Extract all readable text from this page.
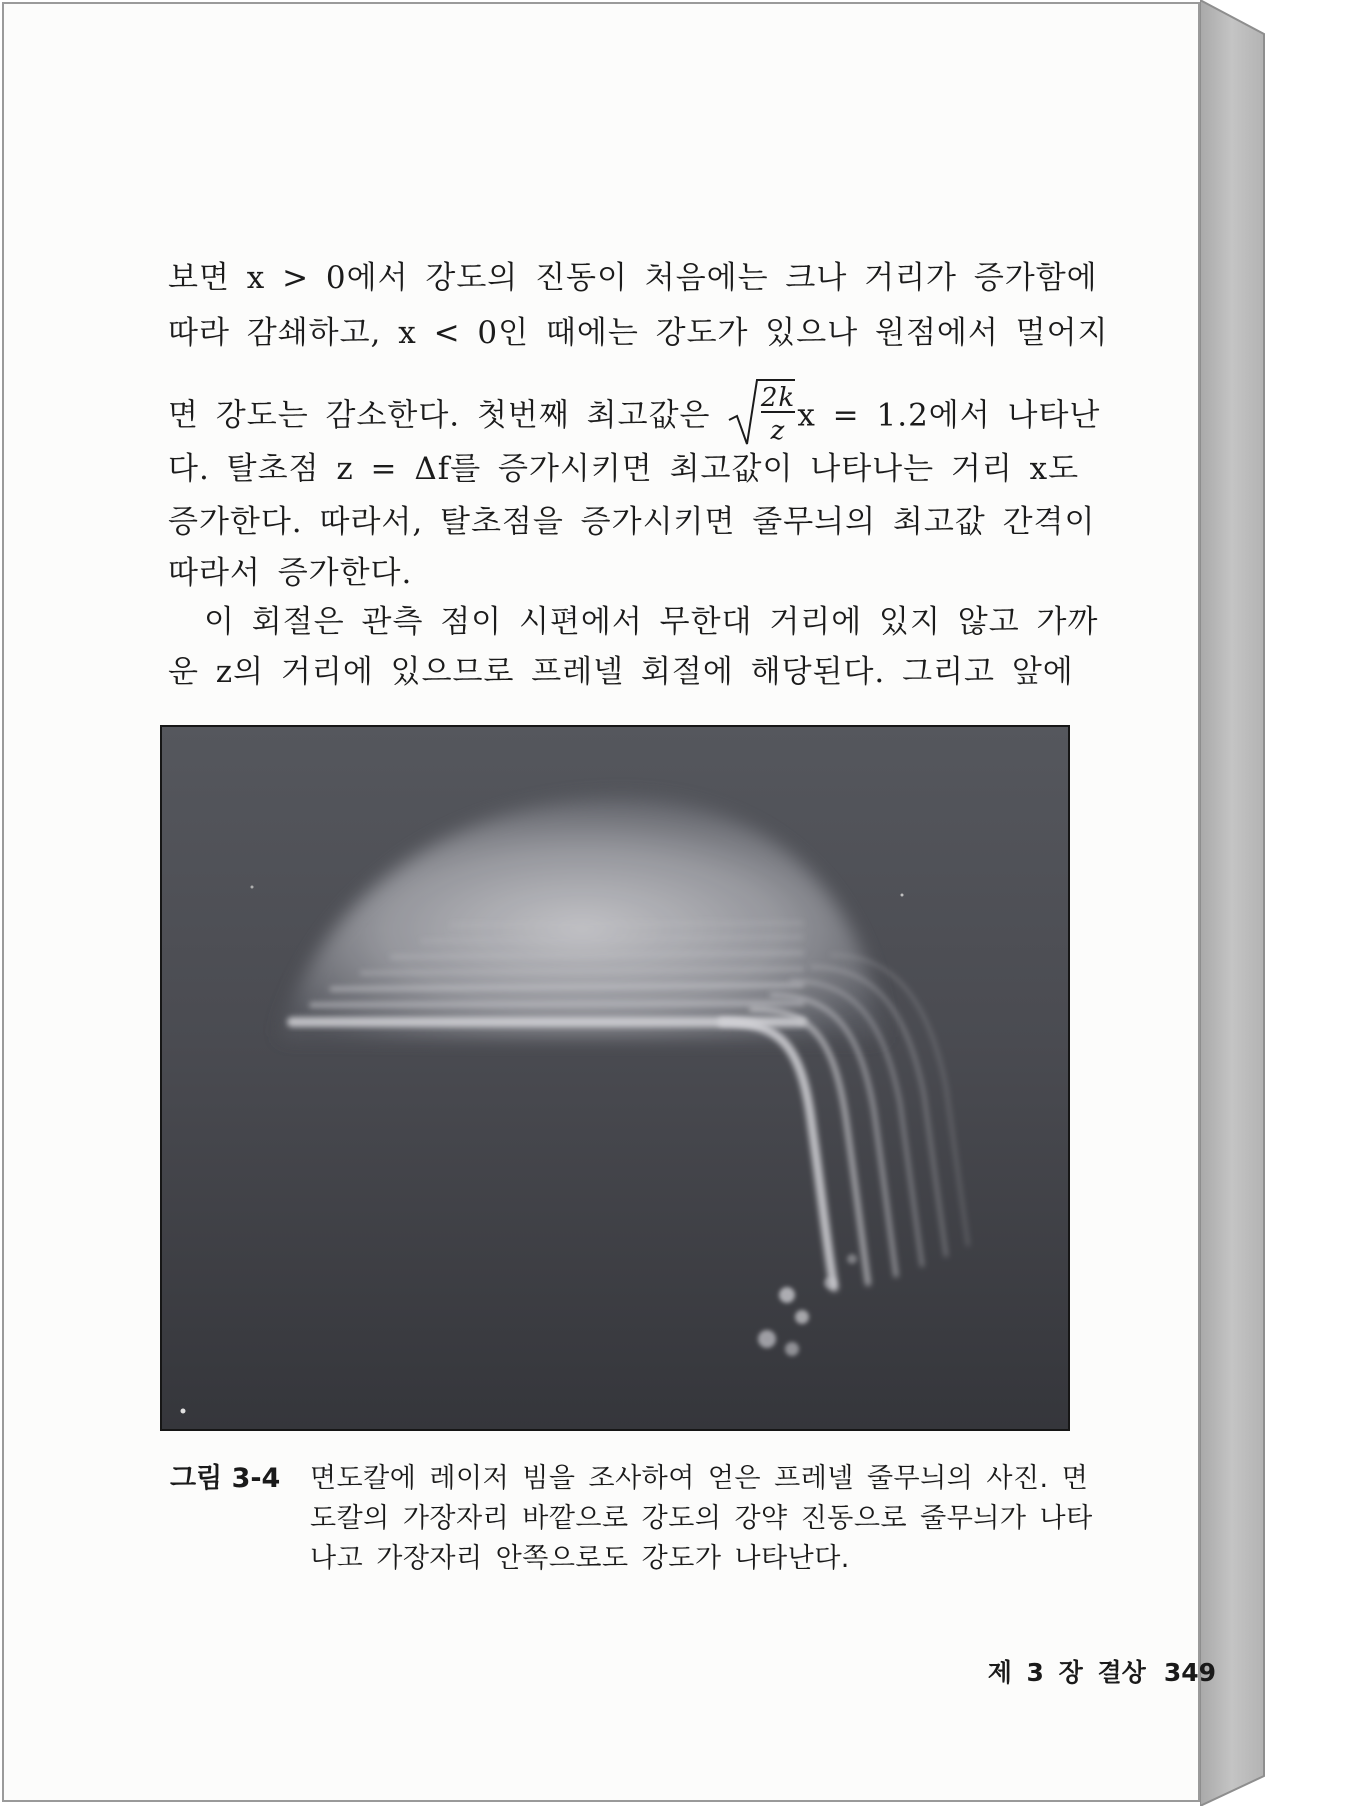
보면 x > 0에서 강도의 진동이 처음에는 크나 거리가 증가함에
따라 감쇄하고, x < 0인 때에는 강도가 있으나 원점에서 멀어지
면 강도는 감소한다. 첫번째 최고값은 2k
z x = 1.2에서 나타난
다. 탈초점 z = Δf를 증가시키면 최고값이 나타나는 거리 x도
증가한다. 따라서, 탈초점을 증가시키면 줄무늬의 최고값 간격이
따라서 증가한다.
이 회절은 관측 점이 시편에서 무한대 거리에 있지 않고 가까
운 z의 거리에 있으므로 프레넬 회절에 해당된다. 그리고 앞에
그림 3-4 면도칼에 레이저 빔을 조사하여 얻은 프레넬 줄무늬의 사진. 면
도칼의 가장자리 바깥으로 강도의 강약 진동으로 줄무늬가 나타
나고 가장자리 안쪽으로도 강도가 나타난다.
제 3 장 결상 349
